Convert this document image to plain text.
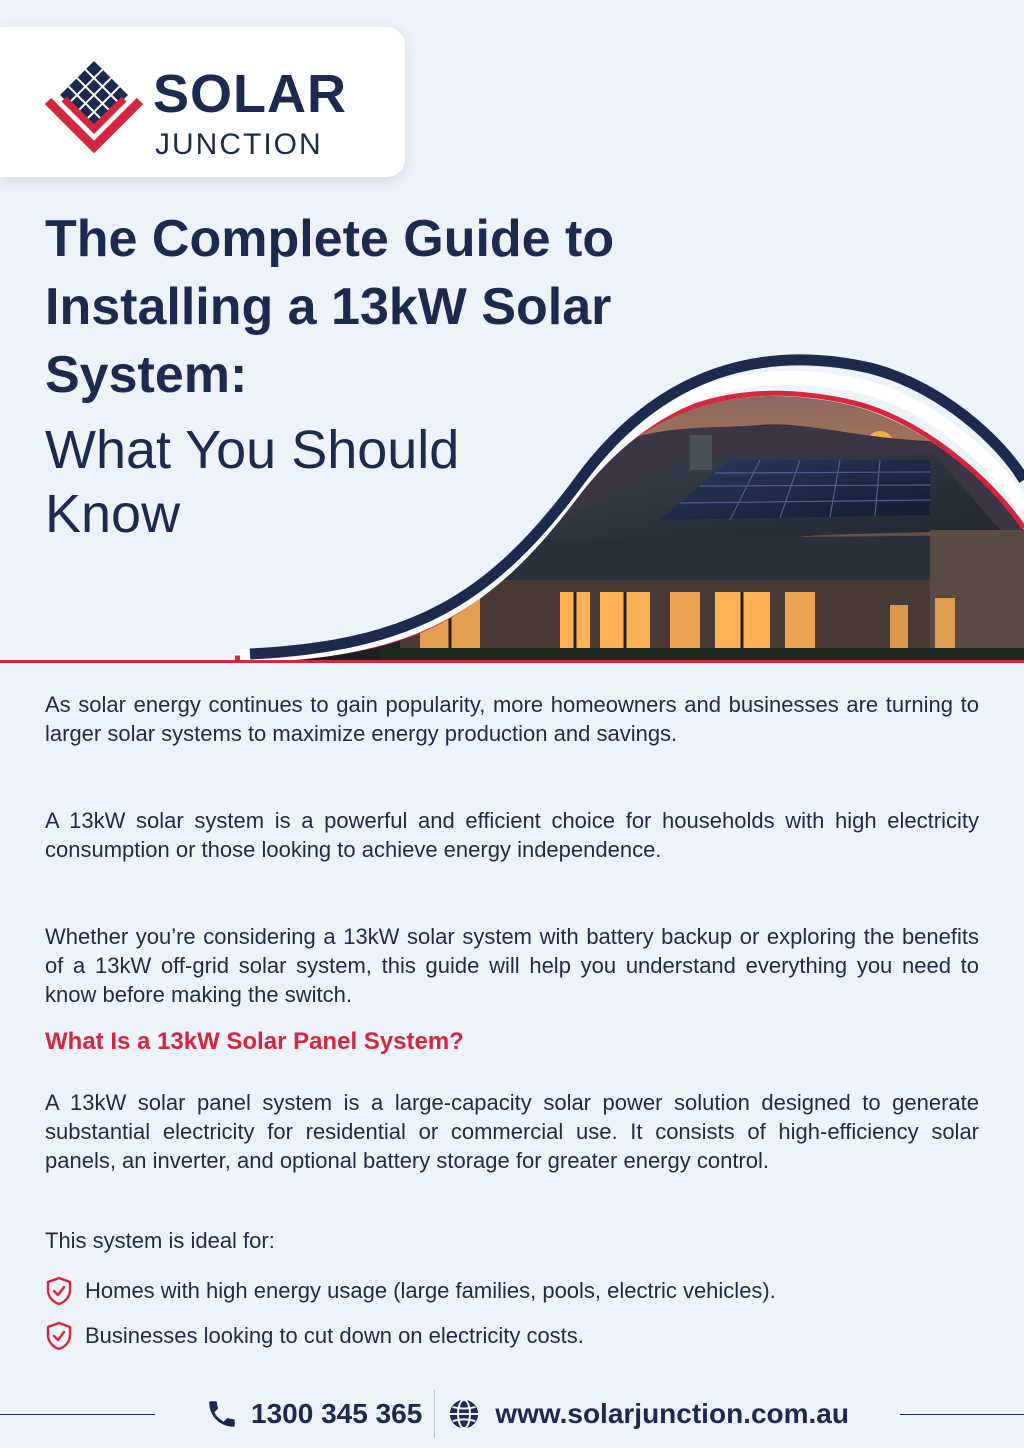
SOLAR
JUNCTION
The Complete Guide to Installing a 13kW Solar System:
What You Should Know

As solar energy continues to gain popularity, more homeowners and businesses are turning to larger solar systems to maximize energy production and savings.

A 13kW solar system is a powerful and efficient choice for households with high electricity consumption or those looking to achieve energy independence.

Whether you’re considering a 13kW solar system with battery backup or exploring the benefits of a 13kW off-grid solar system, this guide will help you understand everything you need to know before making the switch.

What Is a 13kW Solar Panel System?

A 13kW solar panel system is a large-capacity solar power solution designed to generate substantial electricity for residential or commercial use. It consists of high-efficiency solar panels, an inverter, and optional battery storage for greater energy control.

This system is ideal for:

Homes with high energy usage (large families, pools, electric vehicles).
Businesses looking to cut down on electricity costs.
1300 345 365	www.solarjunction.com.au
